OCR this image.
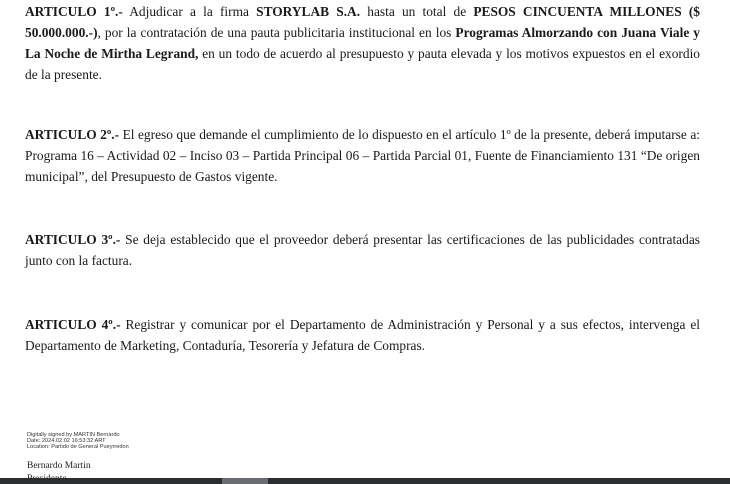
ARTICULO 1º.- Adjudicar a la firma STORYLAB S.A. hasta un total de PESOS CINCUENTA MILLONES ($ 50.000.000.-), por la contratación de una pauta publicitaria institucional en los Programas Almorzando con Juana Viale y La Noche de Mirtha Legrand, en un todo de acuerdo al presupuesto y pauta elevada y los motivos expuestos en el exordio de la presente.

ARTICULO 2º.- El egreso que demande el cumplimiento de lo dispuesto en el artículo 1º de la presente, deberá imputarse a: Programa 16 – Actividad 02 – Inciso 03 – Partida Principal 06 – Partida Parcial 01, Fuente de Financiamiento 131 “De origen municipal”, del Presupuesto de Gastos vigente.

ARTICULO 3º.- Se deja establecido que el proveedor deberá presentar las certificaciones de las publicidades contratadas junto con la factura.

ARTICULO 4º.- Registrar y comunicar por el Departamento de Administración y Personal y a sus efectos, intervenga el Departamento de Marketing, Contaduría, Tesorería y Jefatura de Compras.

Digitally signed by MARTIN Bernardo
Date: 2024.02.02 16:53:32 ART
Location: Partido de General Pueyrredon
Bernardo Martin
